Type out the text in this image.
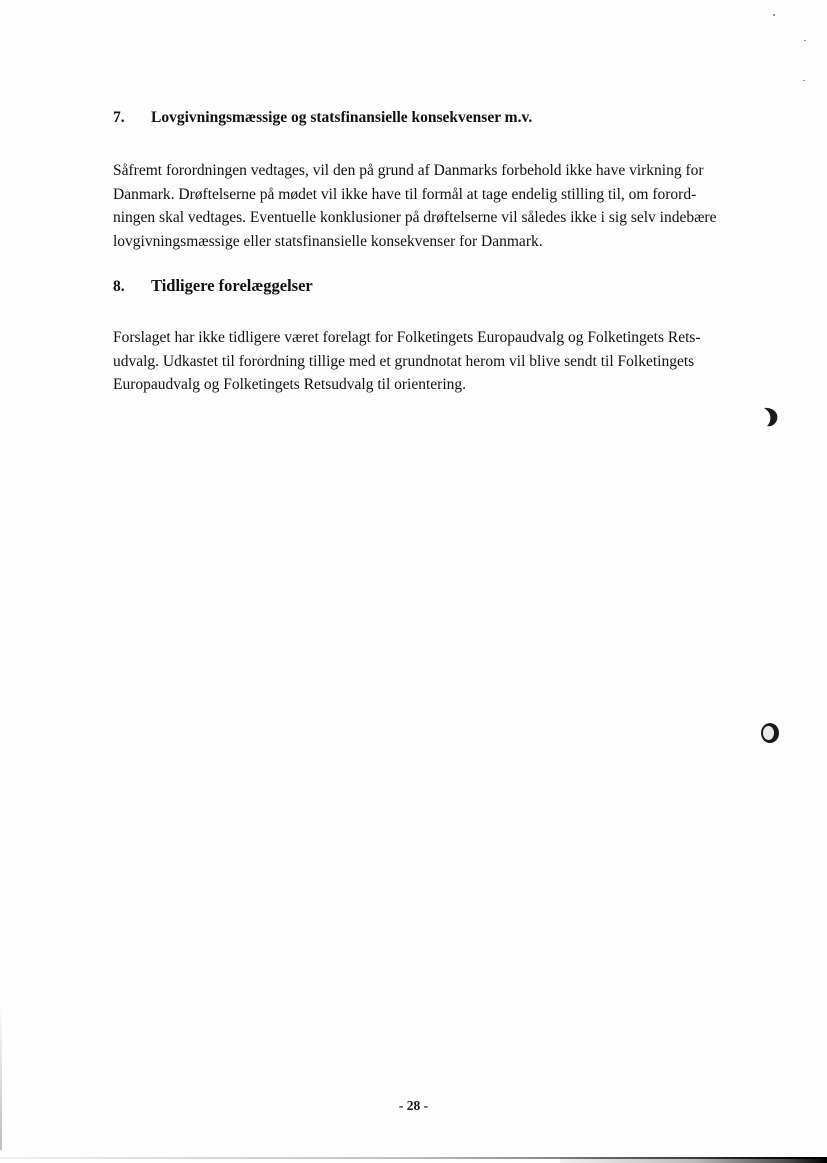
7. Lovgivningsmæssige og statsfinansielle konsekvenser m.v.
Såfremt forordningen vedtages, vil den på grund af Danmarks forbehold ikke have virkning for
Danmark. Drøftelserne på mødet vil ikke have til formål at tage endelig stilling til, om forord-
ningen skal vedtages. Eventuelle konklusioner på drøftelserne vil således ikke i sig selv indebære
lovgivningsmæssige eller statsfinansielle konsekvenser for Danmark.
8. Tidligere forelæggelser
Forslaget har ikke tidligere været forelagt for Folketingets Europaudvalg og Folketingets Rets-
udvalg. Udkastet til forordning tillige med et grundnotat herom vil blive sendt til Folketingets
Europaudvalg og Folketingets Retsudvalg til orientering.
- 28 -
